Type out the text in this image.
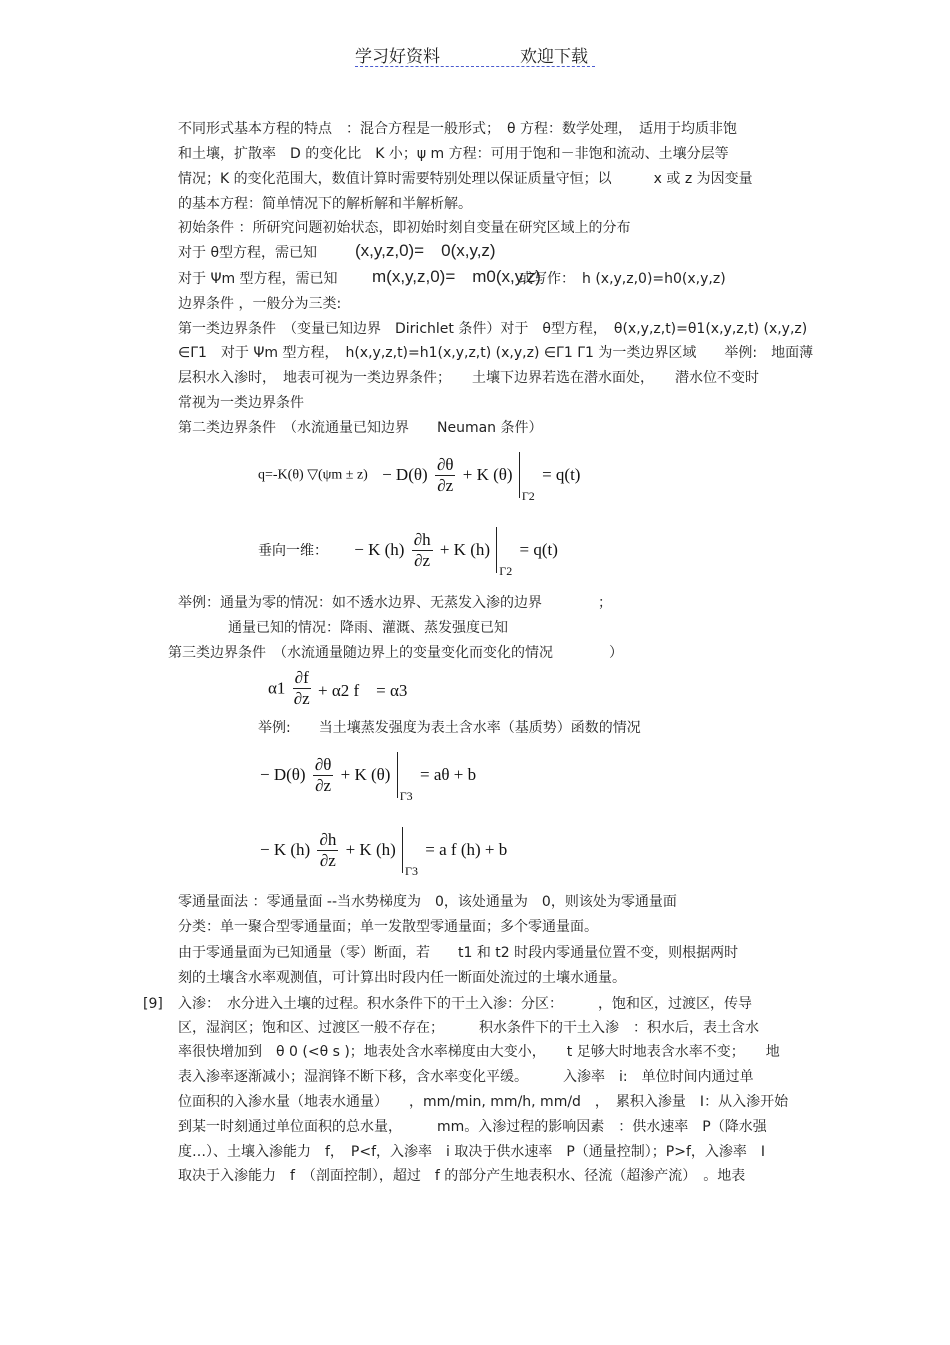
学习好资料	欢迎下载
不同形式基本方程的特点　：混合方程是一般形式；　θ 方程：数学处理，　适用于均质非饱
和土壤，扩散率　D 的变化比　K 小；ψ m 方程：可用于饱和－非饱和流动、土壤分层等
情况；K 的变化范围大，数值计算时需要特别处理以保证质量守恒；以　　　x 或 z 为因变量
的基本方程：简单情况下的解析解和半解析解。
初始条件 ：所研究问题初始状态，即初始时刻自变量在研究区域上的分布
对于 θ型方程，需已知 (x,y,z,0)=　0(x,y,z)
对于 Ψm 型方程，需已知 m(x,y,z,0)=　m0(x,y,z)
或写作：　h (x,y,z,0)=h0(x,y,z)
边界条件 ，一般分为三类:
第一类边界条件　（变量已知边界　Dirichlet 条件）对于　θ型方程，　θ(x,y,z,t)=θ1(x,y,z,t) (x,y,z)
∈Γ1　对于 Ψm 型方程，　h(x,y,z,t)=h1(x,y,z,t) (x,y,z) ∈Γ1 Γ1 为一类边界区域　　举例:　地面薄
层积水入渗时，　地表可视为一类边界条件；　　土壤下边界若选在潜水面处，　　潜水位不变时
常视为一类边界条件
第二类边界条件　（水流通量已知边界　　Neuman 条件）
q=-K(θ) ▽(ψm ± $z) - D(\theta) \frac{\partial\theta}{\partial z} + K$ (θ)
Γ2
= q(t)
垂向一维： − K $(h) \frac{\partial h}{\partial z} + K$ (h)
Γ2
= q(t)
举例：通量为零的情况：如不透水边界、无蒸发入渗的边界　　　　；
通量已知的情况：降雨、灌溉、蒸发强度已知
第三类边界条件　（水流通量随边界上的变量变化而变化的情况　　　　）
$\alpha 1 \frac{\partial f}{\partial z} + \alpha 2$ f　= α3
举例:　　当土壤蒸发强度为表土含水率（基质势）函数的情况
− $D(\theta) \frac{\partial\theta}{\partial z} + K$ (θ)
Γ3
= aθ + b
− K $(h) \frac{\partial h}{\partial z} + K$ (h)
Γ3
= a f (h) + b
零通量面法 ：零通量面 --当水势梯度为　0，该处通量为　0，则该处为零通量面
分类：单一聚合型零通量面；单一发散型零通量面；多个零通量面。
由于零通量面为已知通量（零）断面，若　　t1 和 t2 时段内零通量位置不变，则根据两时
刻的土壤含水率观测值，可计算出时段内任一断面处流过的土壤水通量。
[9] 入渗：　水分进入土壤的过程。积水条件下的干土入渗：分区：　　　，饱和区，过渡区，传导
区，湿润区；饱和区、过渡区一般不存在；　　　积水条件下的干土入渗　：积水后，表土含水
率很快增加到　θ 0 (<θ s )；地表处含水率梯度由大变小，　　t 足够大时地表含水率不变；　　地
表入渗率逐渐减小；湿润锋不断下移，含水率变化平缓。　　　入渗率　i:　单位时间内通过单
位面积的入渗水量（地表水通量）　　，mm/min, mm/h, mm/d　，　累积入渗量　I：从入渗开始
到某一时刻通过单位面积的总水量，　　　mm。入渗过程的影响因素　：供水速率　P（降水强
度…）、土壤入渗能力　f，　P<f，入渗率　i 取决于供水速率　P（通量控制）；P>f，入渗率　I
取决于入渗能力　f　（剖面控制），超过　f 的部分产生地表积水、径流（超渗产流）　。地表
